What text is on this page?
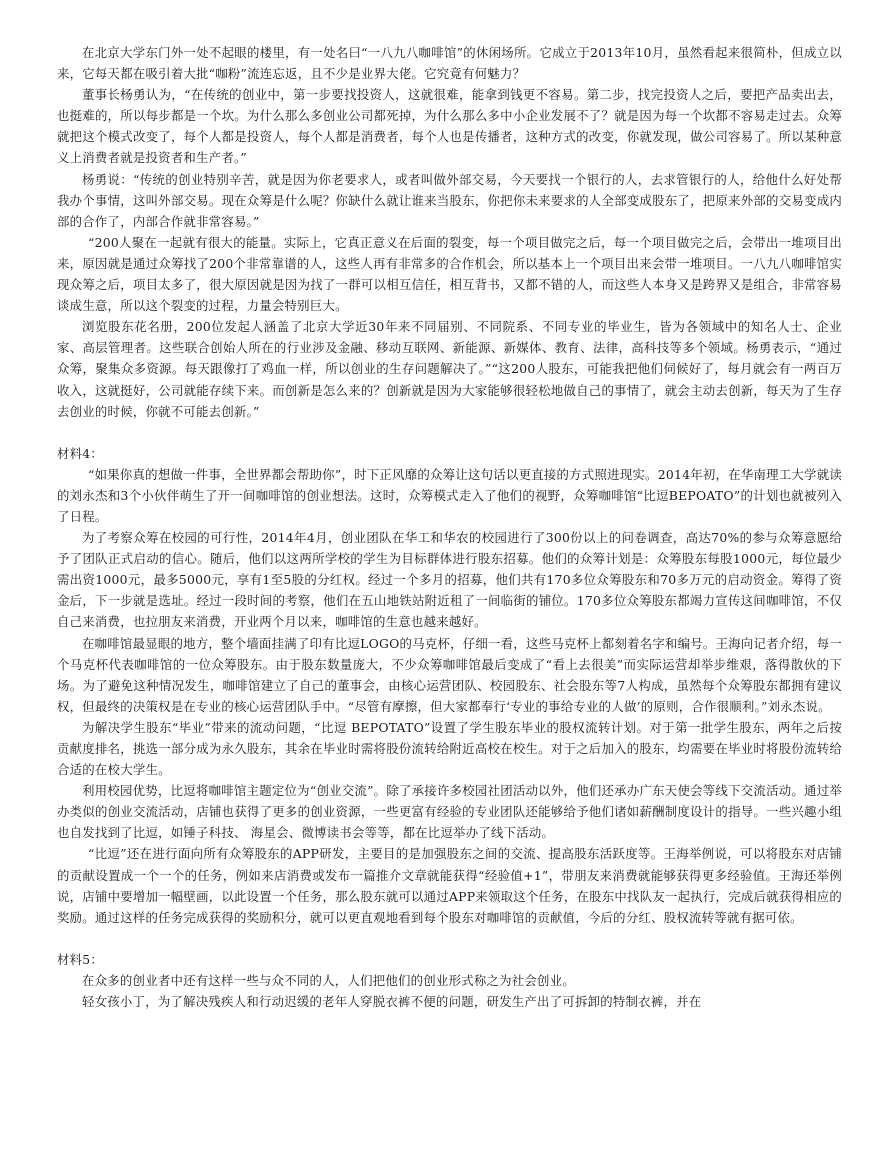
在北京大学东门外一处不起眼的楼里，有一处名曰“一八九八咖啡馆”的休闲场所。它成立于2013年10月，虽然看起来很简朴，但成立以来，它每天都在吸引着大批“咖粉”流连忘返，且不少是业界大佬。它究竟有何魅力？

董事长杨勇认为，“在传统的创业中，第一步要找投资人，这就很难，能拿到钱更不容易。第二步，找完投资人之后，要把产品卖出去，也挺难的，所以每步都是一个坎。为什么那么多创业公司都死掉，为什么那么多中小企业发展不了？就是因为每一个坎都不容易走过去。众筹就把这个模式改变了，每个人都是投资人，每个人都是消费者，每个人也是传播者，这种方式的改变，你就发现，做公司容易了。所以某种意义上消费者就是投资者和生产者。”

杨勇说：“传统的创业特别辛苦，就是因为你老要求人，或者叫做外部交易，今天要找一个银行的人，去求管银行的人，给他什么好处帮我办个事情，这叫外部交易。现在众筹是什么呢？你缺什么就让谁来当股东，你把你未来要求的人全部变成股东了，把原来外部的交易变成内部的合作了，内部合作就非常容易。”

“200人聚在一起就有很大的能量。实际上，它真正意义在后面的裂变，每一个项目做完之后，每一个项目做完之后，会带出一堆项目出来，原因就是通过众筹找了200个非常靠谱的人，这些人再有非常多的合作机会，所以基本上一个项目出来会带一堆项目。一八九八咖啡馆实现众筹之后，项目太多了，很大原因就是因为找了一群可以相互信任，相互背书，又都不错的人，而这些人本身又是跨界又是组合，非常容易谈成生意，所以这个裂变的过程，力量会特别巨大。

浏览股东花名册，200位发起人涵盖了北京大学近30年来不同届别、不同院系、不同专业的毕业生，皆为各领域中的知名人士、企业家、高层管理者。这些联合创始人所在的行业涉及金融、移动互联网、新能源、新媒体、教育、法律，高科技等多个领域。杨勇表示，“通过众筹，聚集众多资源。每天跟像打了鸡血一样，所以创业的生存问题解决了。”“这200人股东，可能我把他们伺候好了，每月就会有一两百万收入，这就挺好，公司就能存续下来。而创新是怎么来的？创新就是因为大家能够很轻松地做自己的事情了，就会主动去创新，每天为了生存去创业的时候，你就不可能去创新。”

材料4：

“如果你真的想做一件事，全世界都会帮助你”，时下正风靡的众筹让这句话以更直接的方式照进现实。2014年初，在华南理工大学就读的刘永杰和3个小伙伴萌生了开一间咖啡馆的创业想法。这时，众筹模式走入了他们的视野，众筹咖啡馆“比逗BEPOATO”的计划也就被列入了日程。

为了考察众筹在校园的可行性，2014年4月，创业团队在华工和华农的校园进行了300份以上的问卷调查，高达70%的参与众筹意愿给予了团队正式启动的信心。随后，他们以这两所学校的学生为目标群体进行股东招募。他们的众筹计划是：众筹股东每股1000元，每位最少需出资1000元，最多5000元，享有1至5股的分红权。经过一个多月的招募，他们共有170多位众筹股东和70多万元的启动资金。筹得了资金后，下一步就是选址。经过一段时间的考察，他们在五山地铁站附近租了一间临街的铺位。170多位众筹股东都竭力宣传这间咖啡馆，不仅自己来消费，也拉朋友来消费，开业两个月以来，咖啡馆的生意也越来越好。

在咖啡馆最显眼的地方，整个墙面挂满了印有比逗LOGO的马克杯，仔细一看，这些马克杯上都刻着名字和编号。王海向记者介绍，每一个马克杯代表咖啡馆的一位众筹股东。由于股东数量庞大，不少众筹咖啡馆最后变成了“看上去很美”而实际运营却举步维艰，落得散伙的下场。为了避免这种情况发生，咖啡馆建立了自己的董事会，由核心运营团队、校园股东、社会股东等7人构成，虽然每个众筹股东都拥有建议权，但最终的决策权是在专业的核心运营团队手中。“尽管有摩擦，但大家都奉行‘专业的事给专业的人做’的原则，合作很顺利。”刘永杰说。

为解决学生股东“毕业”带来的流动问题，“比逗 BEPOTATO”设置了学生股东毕业的股权流转计划。对于第一批学生股东，两年之后按贡献度排名，挑选一部分成为永久股东，其余在毕业时需将股份流转给附近高校在校生。对于之后加入的股东，均需要在毕业时将股份流转给合适的在校大学生。

利用校园优势，比逗将咖啡馆主题定位为“创业交流”。除了承接许多校园社团活动以外，他们还承办广东天使会等线下交流活动。通过举办类似的创业交流活动，店铺也获得了更多的创业资源，一些更富有经验的专业团队还能够给予他们诸如薪酬制度设计的指导。一些兴趣小组也自发找到了比逗，如锤子科技、 海星会、微博读书会等等，都在比逗举办了线下活动。

“比逗”还在进行面向所有众筹股东的APP研发，主要目的是加强股东之间的交流、提高股东活跃度等。王海举例说，可以将股东对店铺的贡献设置成一个一个的任务，例如来店消费或发布一篇推介文章就能获得“经验值+1”，带朋友来消费就能够获得更多经验值。王海还举例说，店铺中要增加一幅壁画，以此设置一个任务，那么股东就可以通过APP来领取这个任务，在股东中找队友一起执行，完成后就获得相应的奖励。通过这样的任务完成获得的奖励积分，就可以更直观地看到每个股东对咖啡馆的贡献值，今后的分红、股权流转等就有据可依。

材料5：

在众多的创业者中还有这样一些与众不同的人，人们把他们的创业形式称之为社会创业。

轻女孩小丁，为了解决残疾人和行动迟缓的老年人穿脱衣裤不便的问题，研发生产出了可拆卸的特制衣裤，并在
